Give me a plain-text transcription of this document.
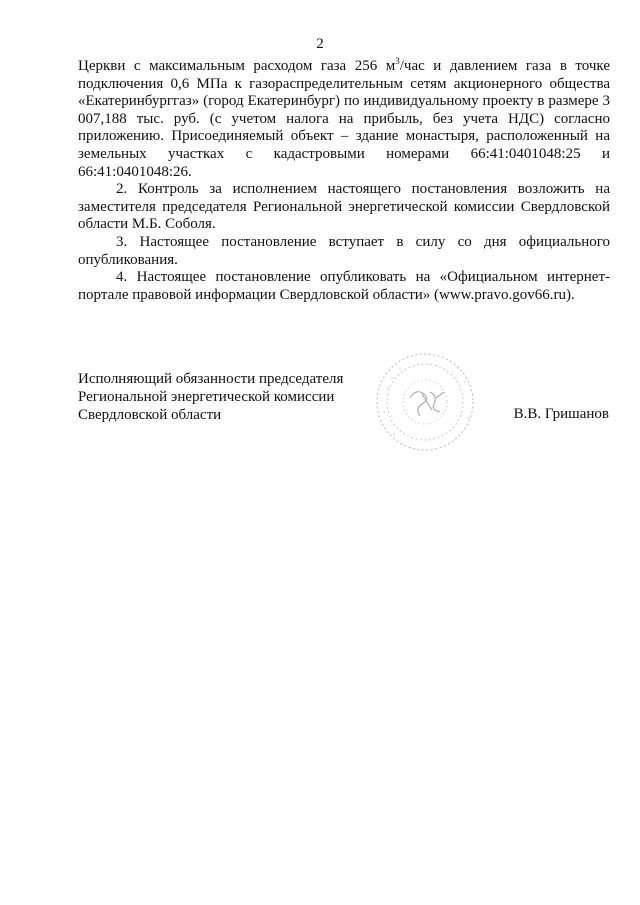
2

Церкви с максимальным расходом газа 256 $м^3$/час и давлением газа в точке подключения 0,6 МПа к газораспределительным сетям акционерного общества «Екатеринбурггаз» (город Екатеринбург) по индивидуальному проекту в размере 3 007,188 тыс. руб. (с учетом налога на прибыль, без учета НДС) согласно приложению. Присоединяемый объект – здание монастыря, расположенный на земельных участках с кадастровыми номерами 66:41:0401048:25 и 66:41:0401048:26.

2. Контроль за исполнением настоящего постановления возложить на заместителя председателя Региональной энергетической комиссии Свердловской области М.Б. Соболя.

3. Настоящее постановление вступает в силу со дня официального опубликования.

4. Настоящее постановление опубликовать на «Официальном интернет-портале правовой информации Свердловской области» (www.pravo.gov66.ru).

Исполняющий обязанности председателя
Региональной энергетической комиссии
Свердловской области	В.В. Гришанов
